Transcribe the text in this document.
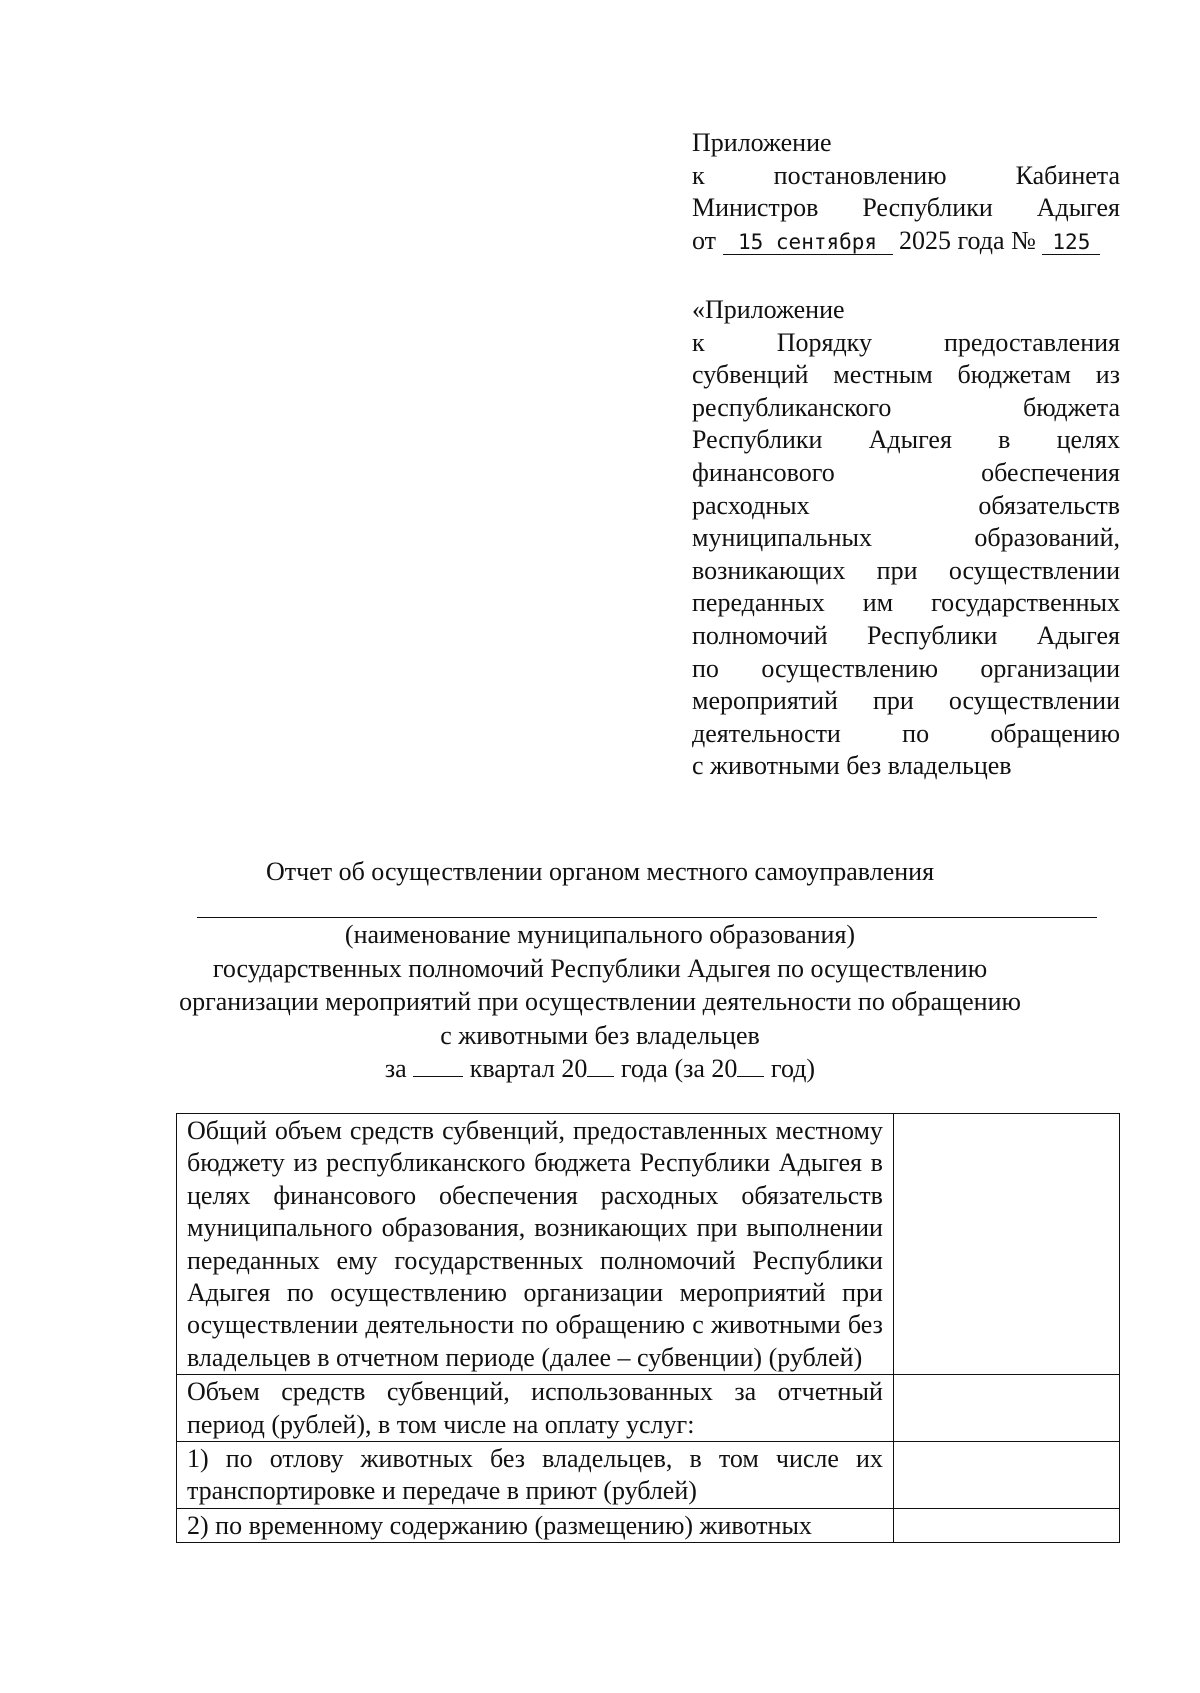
Приложение
к	постановлению	Кабинета
Министров Республики Адыгея
от 15 сентября 2025 года № 125
«Приложение
к Порядку предоставления
субвенций местным бюджетам из
республиканского бюджета
Республики Адыгея в целях
финансового обеспечения
расходных обязательств
муниципальных образований,
возникающих при осуществлении
переданных им государственных
полномочий Республики Адыгея
по осуществлению организации
мероприятий при осуществлении
деятельности по обращению
с животными без владельцев
Отчет об осуществлении органом местного самоуправления
(наименование муниципального образования)
государственных полномочий Республики Адыгея по осуществлению
организации мероприятий при осуществлении деятельности по обращению
с животными без владельцев
за квартал 20 года (за 20 год)
Общий объем средств субвенций, предоставленных местному бюджету из республиканского бюджета Республики Адыгея в целях финансового обеспечения расходных обязательств муниципального образования, возникающих при выполнении переданных ему государственных полномочий Республики Адыгея по осуществлению организации мероприятий при осуществлении деятельности по обращению с животными без владельцев в отчетном периоде (далее – субвенции) (рублей)	
Объем средств субвенций, использованных за отчетный период (рублей), в том числе на оплату услуг:	
1) по отлову животных без владельцев, в том числе их транспортировке и передаче в приют (рублей)	
2) по временному содержанию (размещению) животных	
